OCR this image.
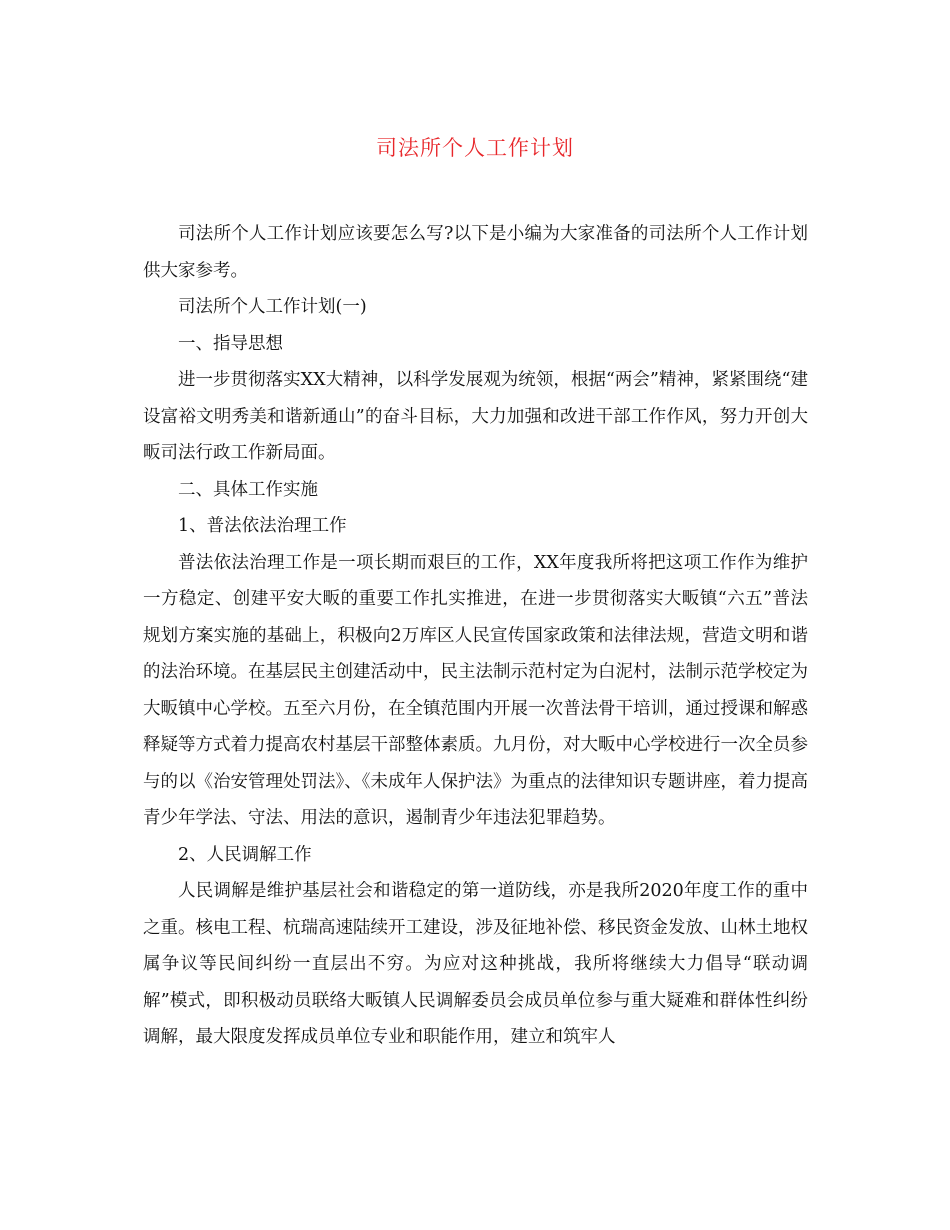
司法所个人工作计划

司法所个人工作计划应该要怎么写?以下是小编为大家准备的司法所个人工作计划供大家参考。

司法所个人工作计划(一)

一、指导思想

进一步贯彻落实XX大精神，以科学发展观为统领，根据“两会”精神，紧紧围绕“建设富裕文明秀美和谐新通山”的奋斗目标，大力加强和改进干部工作作风，努力开创大畈司法行政工作新局面。

二、具体工作实施

1、普法依法治理工作

普法依法治理工作是一项长期而艰巨的工作，XX年度我所将把这项工作作为维护一方稳定、创建平安大畈的重要工作扎实推进，在进一步贯彻落实大畈镇“六五”普法规划方案实施的基础上，积极向2万库区人民宣传国家政策和法律法规，营造文明和谐的法治环境。在基层民主创建活动中，民主法制示范村定为白泥村，法制示范学校定为大畈镇中心学校。五至六月份，在全镇范围内开展一次普法骨干培训，通过授课和解惑释疑等方式着力提高农村基层干部整体素质。九月份，对大畈中心学校进行一次全员参与的以《治安管理处罚法》、《未成年人保护法》为重点的法律知识专题讲座，着力提高青少年学法、守法、用法的意识，遏制青少年违法犯罪趋势。

2、人民调解工作

人民调解是维护基层社会和谐稳定的第一道防线，亦是我所2020年度工作的重中之重。核电工程、杭瑞高速陆续开工建设，涉及征地补偿、移民资金发放、山林土地权属争议等民间纠纷一直层出不穷。为应对这种挑战，我所将继续大力倡导“联动调解”模式，即积极动员联络大畈镇人民调解委员会成员单位参与重大疑难和群体性纠纷调解，最大限度发挥成员单位专业和职能作用，建立和筑牢人
